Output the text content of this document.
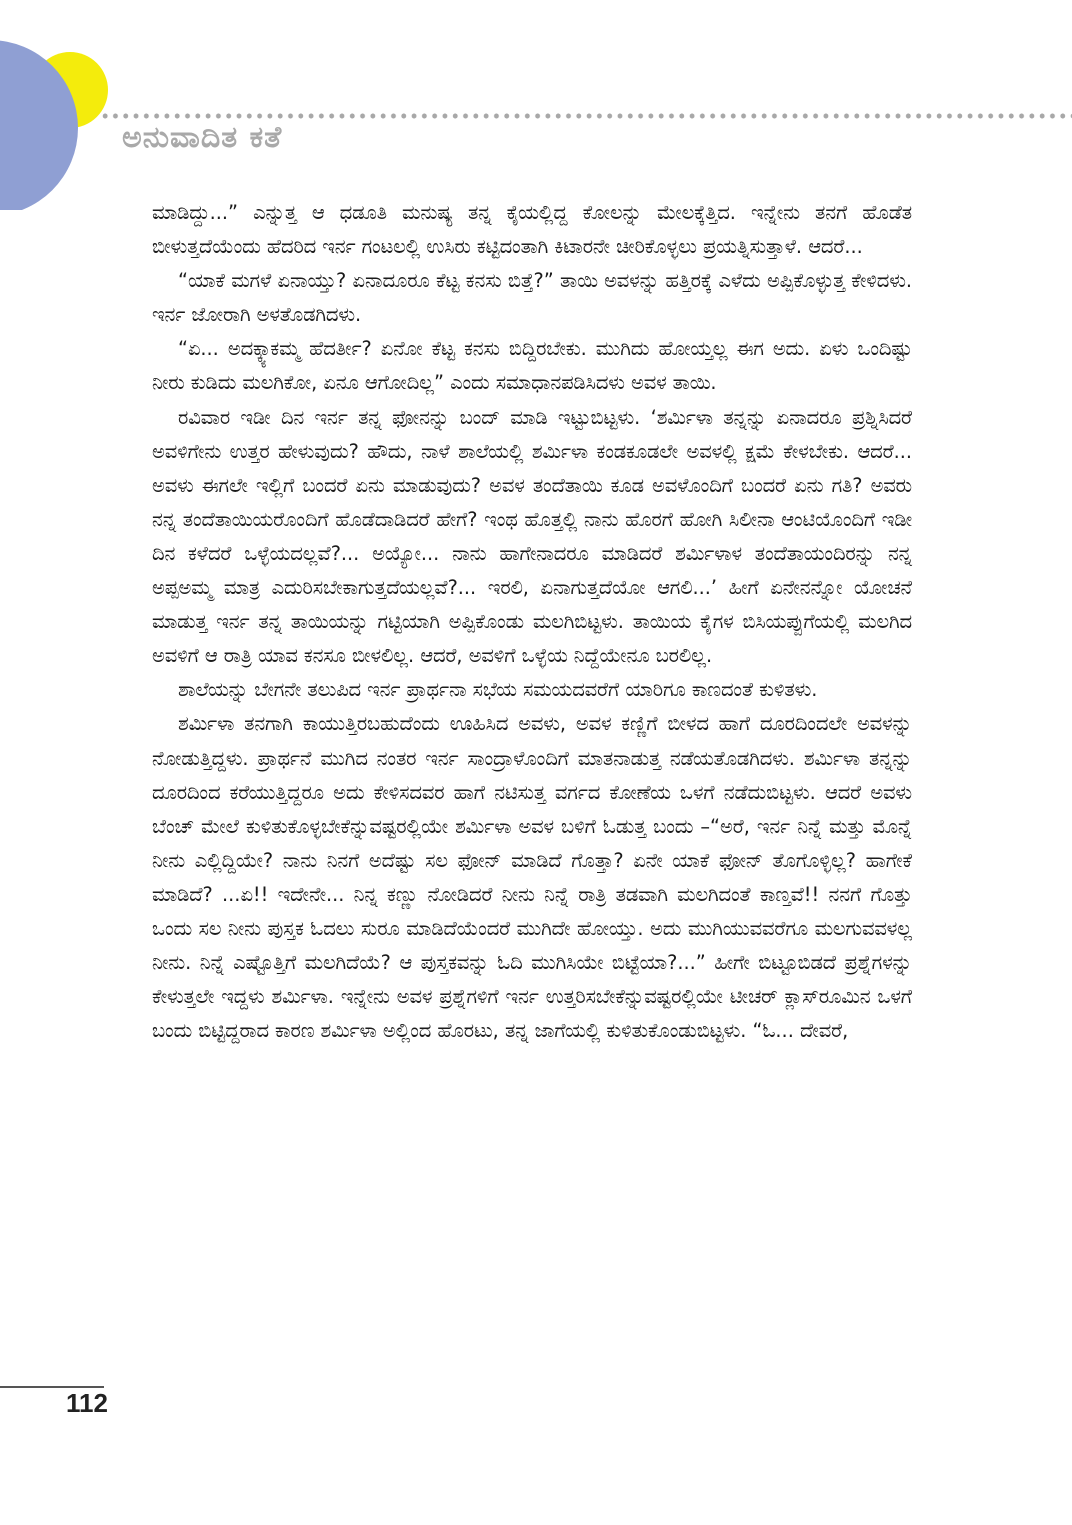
ಅನುವಾದಿತ ಕತೆ

ಮಾಡಿದ್ದು...” ಎನ್ನುತ್ತ ಆ ಧಡೂತಿ ಮನುಷ್ಯ ತನ್ನ ಕೈಯಲ್ಲಿದ್ದ ಕೋಲನ್ನು ಮೇಲಕ್ಕೆತ್ತಿದ. ಇನ್ನೇನು ತನಗೆ ಹೊಡೆತ ಬೀಳುತ್ತದೆಯೆಂದು ಹೆದರಿದ ಇರ್ನ ಗಂಟಲಲ್ಲಿ ಉಸಿರು ಕಟ್ಟಿದಂತಾಗಿ ಕಿಟಾರನೇ ಚೀರಿಕೊಳ್ಳಲು ಪ್ರಯತ್ನಿಸುತ್ತಾಳೆ. ಆದರೆ...

“ಯಾಕೆ ಮಗಳೆ ಏನಾಯ್ತು? ಏನಾದೂರೂ ಕೆಟ್ಟ ಕನಸು ಬಿತ್ತೆ?” ತಾಯಿ ಅವಳನ್ನು ಹತ್ತಿರಕ್ಕೆ ಎಳೆದು ಅಪ್ಪಿಕೊಳ್ಳುತ್ತ ಕೇಳಿದಳು. ಇರ್ನ ಜೋರಾಗಿ ಅಳತೊಡಗಿದಳು.

“ಏ... ಅದಕ್ಕ್ಯಾಕಮ್ಮ ಹೆದರ್ತೀ? ಏನೋ ಕೆಟ್ಟ ಕನಸು ಬಿದ್ದಿರಬೇಕು. ಮುಗಿದು ಹೋಯ್ತಲ್ಲ ಈಗ ಅದು. ಏಳು ಒಂದಿಷ್ಟು ನೀರು ಕುಡಿದು ಮಲಗಿಕೋ, ಏನೂ ಆಗೋದಿಲ್ಲ” ಎಂದು ಸಮಾಧಾನಪಡಿಸಿದಳು ಅವಳ ತಾಯಿ.

ರವಿವಾರ ಇಡೀ ದಿನ ಇರ್ನ ತನ್ನ ಫೋನನ್ನು ಬಂದ್ ಮಾಡಿ ಇಟ್ಟುಬಿಟ್ಟಳು. ‘ಶರ್ಮಿಳಾ ತನ್ನನ್ನು ಏನಾದರೂ ಪ್ರಶ್ನಿಸಿದರೆ ಅವಳಿಗೇನು ಉತ್ತರ ಹೇಳುವುದು? ಹೌದು, ನಾಳೆ ಶಾಲೆಯಲ್ಲಿ ಶರ್ಮಿಳಾ ಕಂಡಕೂಡಲೇ ಅವಳಲ್ಲಿ ಕ್ಷಮೆ ಕೇಳಬೇಕು. ಆದರೆ... ಅವಳು ಈಗಲೇ ಇಲ್ಲಿಗೆ ಬಂದರೆ ಏನು ಮಾಡುವುದು? ಅವಳ ತಂದೆತಾಯಿ ಕೂಡ ಅವಳೊಂದಿಗೆ ಬಂದರೆ ಏನು ಗತಿ? ಅವರು ನನ್ನ ತಂದೆತಾಯಿಯರೊಂದಿಗೆ ಹೊಡೆದಾಡಿದರೆ ಹೇಗೆ? ಇಂಥ ಹೊತ್ತಲ್ಲಿ ನಾನು ಹೊರಗೆ ಹೋಗಿ ಸಿಲೀನಾ ಆಂಟಿಯೊಂದಿಗೆ ಇಡೀ ದಿನ ಕಳೆದರೆ ಒಳ್ಳೆಯದಲ್ಲವೆ?... ಅಯ್ಯೋ... ನಾನು ಹಾಗೇನಾದರೂ ಮಾಡಿದರೆ ಶರ್ಮಿಳಾಳ ತಂದೆತಾಯಂದಿರನ್ನು ನನ್ನ ಅಪ್ಪಅಮ್ಮ ಮಾತ್ರ ಎದುರಿಸಬೇಕಾಗುತ್ತದೆಯಲ್ಲವೆ?... ಇರಲಿ, ಏನಾಗುತ್ತದೆಯೋ ಆಗಲಿ...’ ಹೀಗೆ ಏನೇನನ್ನೋ ಯೋಚನೆ ಮಾಡುತ್ತ ಇರ್ನ ತನ್ನ ತಾಯಿಯನ್ನು ಗಟ್ಟಿಯಾಗಿ ಅಪ್ಪಿಕೊಂಡು ಮಲಗಿಬಿಟ್ಟಳು. ತಾಯಿಯ ಕೈಗಳ ಬಿಸಿಯಪ್ಪುಗೆಯಲ್ಲಿ ಮಲಗಿದ ಅವಳಿಗೆ ಆ ರಾತ್ರಿ ಯಾವ ಕನಸೂ ಬೀಳಲಿಲ್ಲ. ಆದರೆ, ಅವಳಿಗೆ ಒಳ್ಳೆಯ ನಿದ್ದೆಯೇನೂ ಬರಲಿಲ್ಲ.

ಶಾಲೆಯನ್ನು ಬೇಗನೇ ತಲುಪಿದ ಇರ್ನ ಪ್ರಾರ್ಥನಾ ಸಭೆಯ ಸಮಯದವರೆಗೆ ಯಾರಿಗೂ ಕಾಣದಂತೆ ಕುಳಿತಳು.

ಶರ್ಮಿಳಾ ತನಗಾಗಿ ಕಾಯುತ್ತಿರಬಹುದೆಂದು ಊಹಿಸಿದ ಅವಳು, ಅವಳ ಕಣ್ಣಿಗೆ ಬೀಳದ ಹಾಗೆ ದೂರದಿಂದಲೇ ಅವಳನ್ನು ನೋಡುತ್ತಿದ್ದಳು. ಪ್ರಾರ್ಥನೆ ಮುಗಿದ ನಂತರ ಇರ್ನ ಸಾಂದ್ರಾಳೊಂದಿಗೆ ಮಾತನಾಡುತ್ತ ನಡೆಯತೊಡಗಿದಳು. ಶರ್ಮಿಳಾ ತನ್ನನ್ನು ದೂರದಿಂದ ಕರೆಯುತ್ತಿದ್ದರೂ ಅದು ಕೇಳಿಸದವರ ಹಾಗೆ ನಟಿಸುತ್ತ ವರ್ಗದ ಕೋಣೆಯ ಒಳಗೆ ನಡೆದುಬಿಟ್ಟಳು. ಆದರೆ ಅವಳು ಬೆಂಚ್ ಮೇಲೆ ಕುಳಿತುಕೊಳ್ಳಬೇಕೆನ್ನುವಷ್ಟರಲ್ಲಿಯೇ ಶರ್ಮಿಳಾ ಅವಳ ಬಳಿಗೆ ಓಡುತ್ತ ಬಂದು –“ಅರೆ, ಇರ್ನ ನಿನ್ನೆ ಮತ್ತು ಮೊನ್ನೆ ನೀನು ಎಲ್ಲಿದ್ದಿಯೇ? ನಾನು ನಿನಗೆ ಅದೆಷ್ಟು ಸಲ ಫೋನ್ ಮಾಡಿದೆ ಗೊತ್ತಾ? ಏನೇ ಯಾಕೆ ಫೋನ್ ತೊಗೊಳ್ಳಿಲ್ಲ? ಹಾಗೇಕೆ ಮಾಡಿದೆ? ...ಏ!! ಇದೇನೇ... ನಿನ್ನ ಕಣ್ಣು ನೋಡಿದರೆ ನೀನು ನಿನ್ನೆ ರಾತ್ರಿ ತಡವಾಗಿ ಮಲಗಿದಂತೆ ಕಾಣ್ತವೆ!! ನನಗೆ ಗೊತ್ತು ಒಂದು ಸಲ ನೀನು ಪುಸ್ತಕ ಓದಲು ಸುರೂ ಮಾಡಿದೆಯೆಂದರೆ ಮುಗಿದೇ ಹೋಯ್ತು. ಅದು ಮುಗಿಯುವವರೆಗೂ ಮಲಗುವವಳಲ್ಲ ನೀನು. ನಿನ್ನೆ ಎಷ್ಟೊತ್ತಿಗೆ ಮಲಗಿದೆಯೆ? ಆ ಪುಸ್ತಕವನ್ನು ಓದಿ ಮುಗಿಸಿಯೇ ಬಿಟ್ಟೆಯಾ?...” ಹೀಗೇ ಬಿಟ್ಟೂಬಿಡದೆ ಪ್ರಶ್ನೆಗಳನ್ನು ಕೇಳುತ್ತಲೇ ಇದ್ದಳು ಶರ್ಮಿಳಾ. ಇನ್ನೇನು ಅವಳ ಪ್ರಶ್ನೆಗಳಿಗೆ ಇರ್ನ ಉತ್ತರಿಸಬೇಕೆನ್ನುವಷ್ಟರಲ್ಲಿಯೇ ಟೀಚರ್ ಕ್ಲಾಸ್‌ರೂಮಿನ ಒಳಗೆ ಬಂದು ಬಿಟ್ಟಿದ್ದರಾದ ಕಾರಣ ಶರ್ಮಿಳಾ ಅಲ್ಲಿಂದ ಹೊರಟು, ತನ್ನ ಜಾಗೆಯಲ್ಲಿ ಕುಳಿತುಕೊಂಡುಬಿಟ್ಟಳು. “ಓ... ದೇವರೆ,

112
